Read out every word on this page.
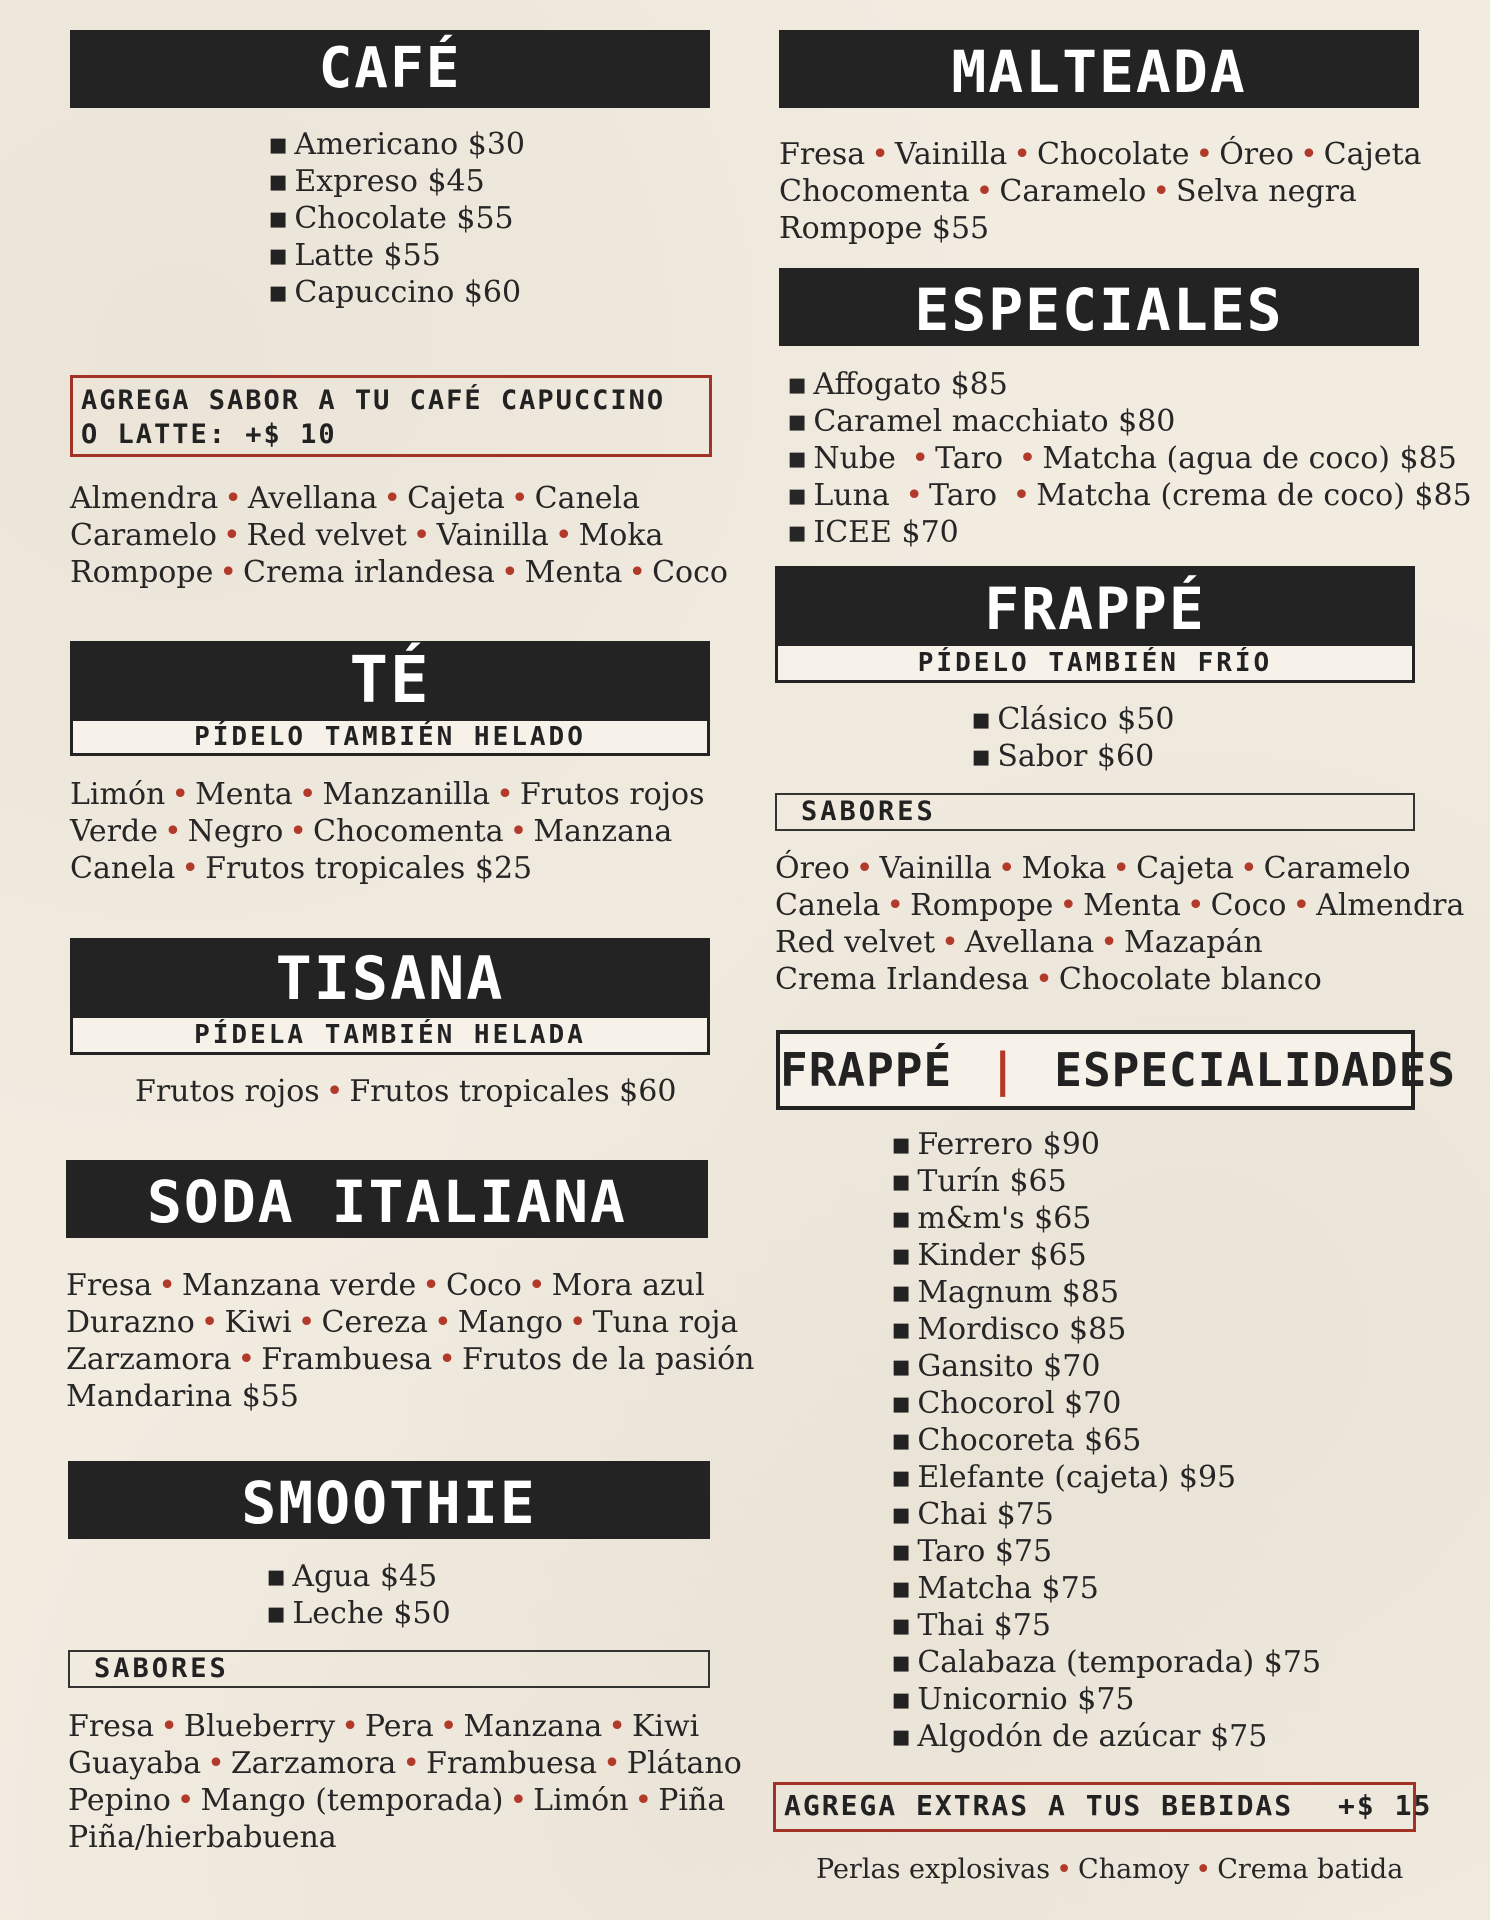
CAFÉ
▪ Americano $30
▪ Expreso $45
▪ Chocolate $55
▪ Latte $55
▪ Capuccino $60
AGREGA SABOR A TU CAFÉ CAPUCCINO
O LATTE: +$ 10
Almendra • Avellana • Cajeta • Canela
Caramelo • Red velvet • Vainilla • Moka
Rompope • Crema irlandesa • Menta • Coco
TÉ
PÍDELO TAMBIÉN HELADO
Limón • Menta • Manzanilla • Frutos rojos
Verde • Negro • Chocomenta • Manzana
Canela • Frutos tropicales $25
TISANA
PÍDELA TAMBIÉN HELADA
Frutos rojos • Frutos tropicales $60
SODA ITALIANA
Fresa • Manzana verde • Coco • Mora azul
Durazno • Kiwi • Cereza • Mango • Tuna roja
Zarzamora • Frambuesa • Frutos de la pasión
Mandarina $55
SMOOTHIE
▪ Agua $45
▪ Leche $50
SABORES
Fresa • Blueberry • Pera • Manzana • Kiwi
Guayaba • Zarzamora • Frambuesa • Plátano
Pepino • Mango (temporada) • Limón • Piña
Piña/hierbabuena
MALTEADA
Fresa • Vainilla • Chocolate • Óreo • Cajeta
Chocomenta • Caramelo • Selva negra
Rompope $55
ESPECIALES
▪ Affogato $85
▪ Caramel macchiato $80
▪ Nube • Taro • Matcha (agua de coco) $85
▪ Luna • Taro • Matcha (crema de coco) $85
▪ ICEE $70
FRAPPÉ
PÍDELO TAMBIÉN FRÍO
▪ Clásico $50
▪ Sabor $60
SABORES
Óreo • Vainilla • Moka • Cajeta • Caramelo
Canela • Rompope • Menta • Coco • Almendra
Red velvet • Avellana • Mazapán
Crema Irlandesa • Chocolate blanco
FRAPPÉ | ESPECIALIDADES
▪ Ferrero $90
▪ Turín $65
▪ m&m's $65
▪ Kinder $65
▪ Magnum $85
▪ Mordisco $85
▪ Gansito $70
▪ Chocorol $70
▪ Chocoreta $65
▪ Elefante (cajeta) $95
▪ Chai $75
▪ Taro $75
▪ Matcha $75
▪ Thai $75
▪ Calabaza (temporada) $75
▪ Unicornio $75
▪ Algodón de azúcar $75
AGREGA EXTRAS A TUS BEBIDAS +$ 15
Perlas explosivas • Chamoy • Crema batida
